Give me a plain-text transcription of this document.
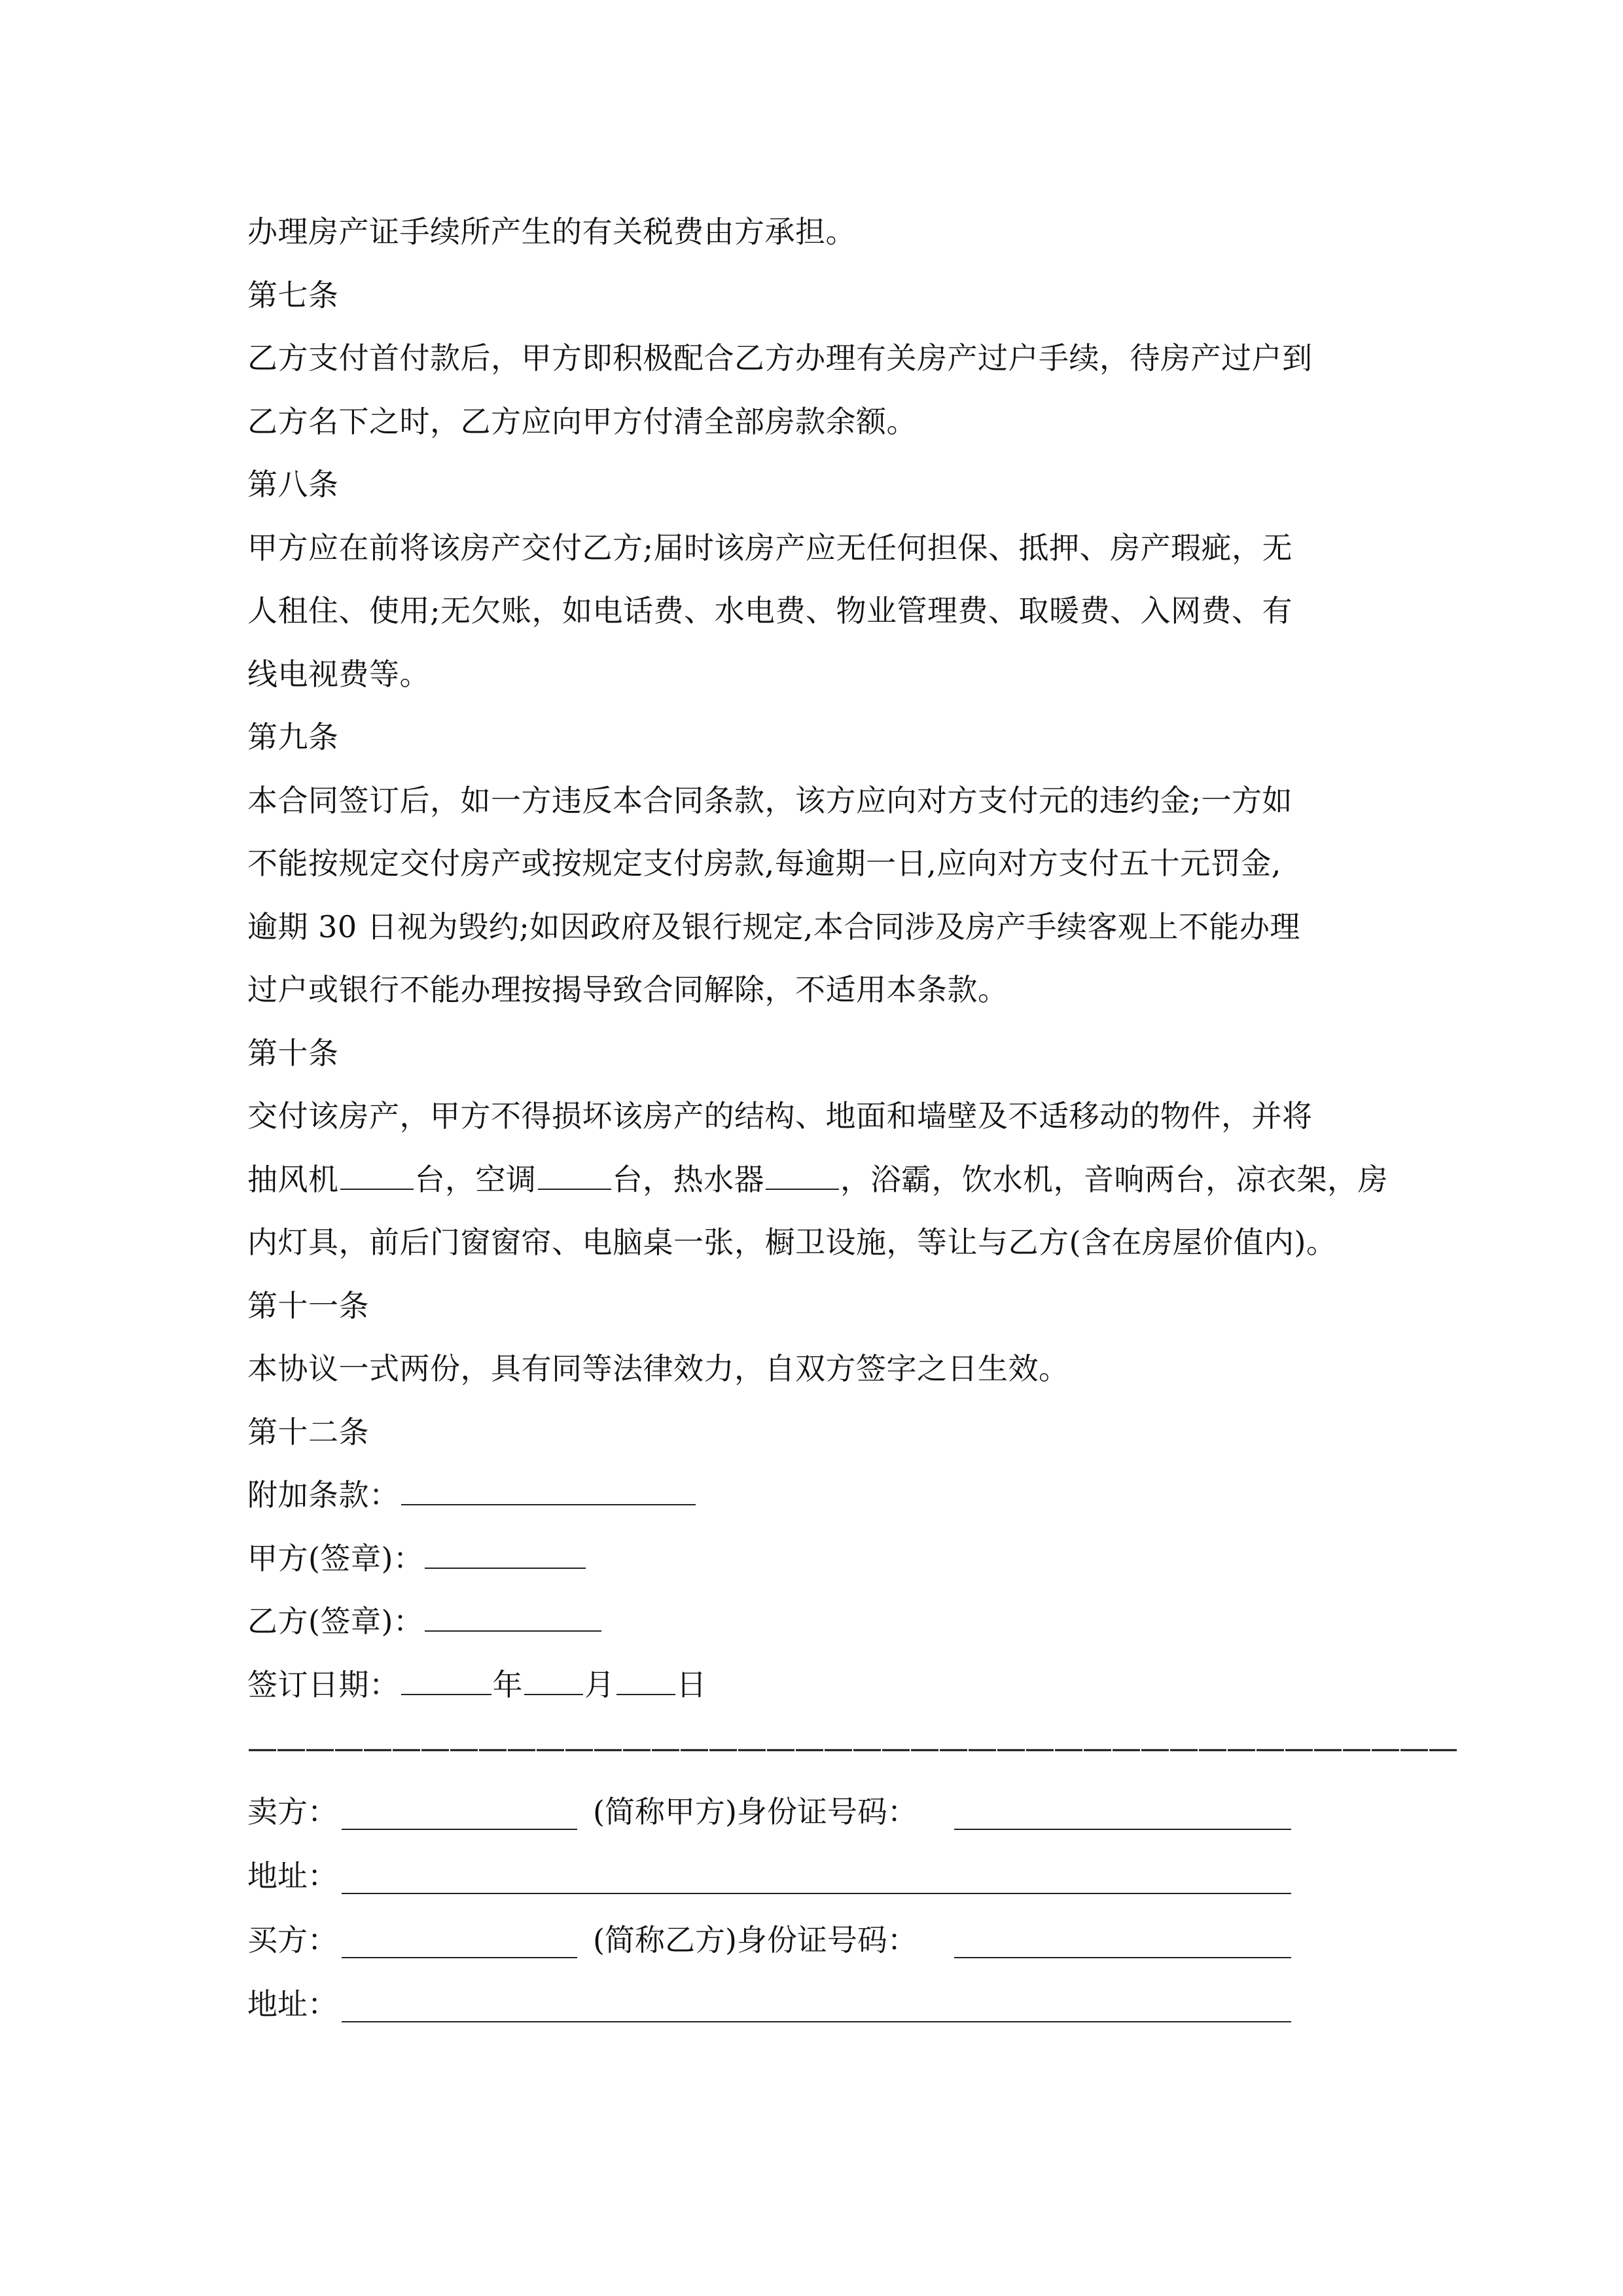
办理房产证手续所产生的有关税费由方承担。
第七条
乙方支付首付款后，甲方即积极配合乙方办理有关房产过户手续，待房产过户到
乙方名下之时，乙方应向甲方付清全部房款余额。
第八条
甲方应在前将该房产交付乙方;届时该房产应无任何担保、抵押、房产瑕疵，无
人租住、使用;无欠账，如电话费、水电费、物业管理费、取暖费、入网费、有
线电视费等。
第九条
本合同签订后，如一方违反本合同条款，该方应向对方支付元的违约金;一方如
不能按规定交付房产或按规定支付房款,每逾期一日,应向对方支付五十元罚金,
逾期 30 日视为毁约;如因政府及银行规定,本合同涉及房产手续客观上不能办理
过户或银行不能办理按揭导致合同解除，不适用本条款。
第十条
交付该房产，甲方不得损坏该房产的结构、地面和墙壁及不适移动的物件，并将
抽风机	台，空调	台，热水器	，浴霸，饮水机，音响两台，凉衣架，房
内灯具，前后门窗窗帘、电脑桌一张，橱卫设施，等让与乙方(含在房屋价值内)。
第十一条
本协议一式两份，具有同等法律效力，自双方签字之日生效。
第十二条
附加条款：
甲方(签章)：
乙方(签章)：
签订日期：	年 月 日
——————————————————————————————————————————
卖方：	(简称甲方)身份证号码：
地址：
买方：	(简称乙方)身份证号码：
地址：
